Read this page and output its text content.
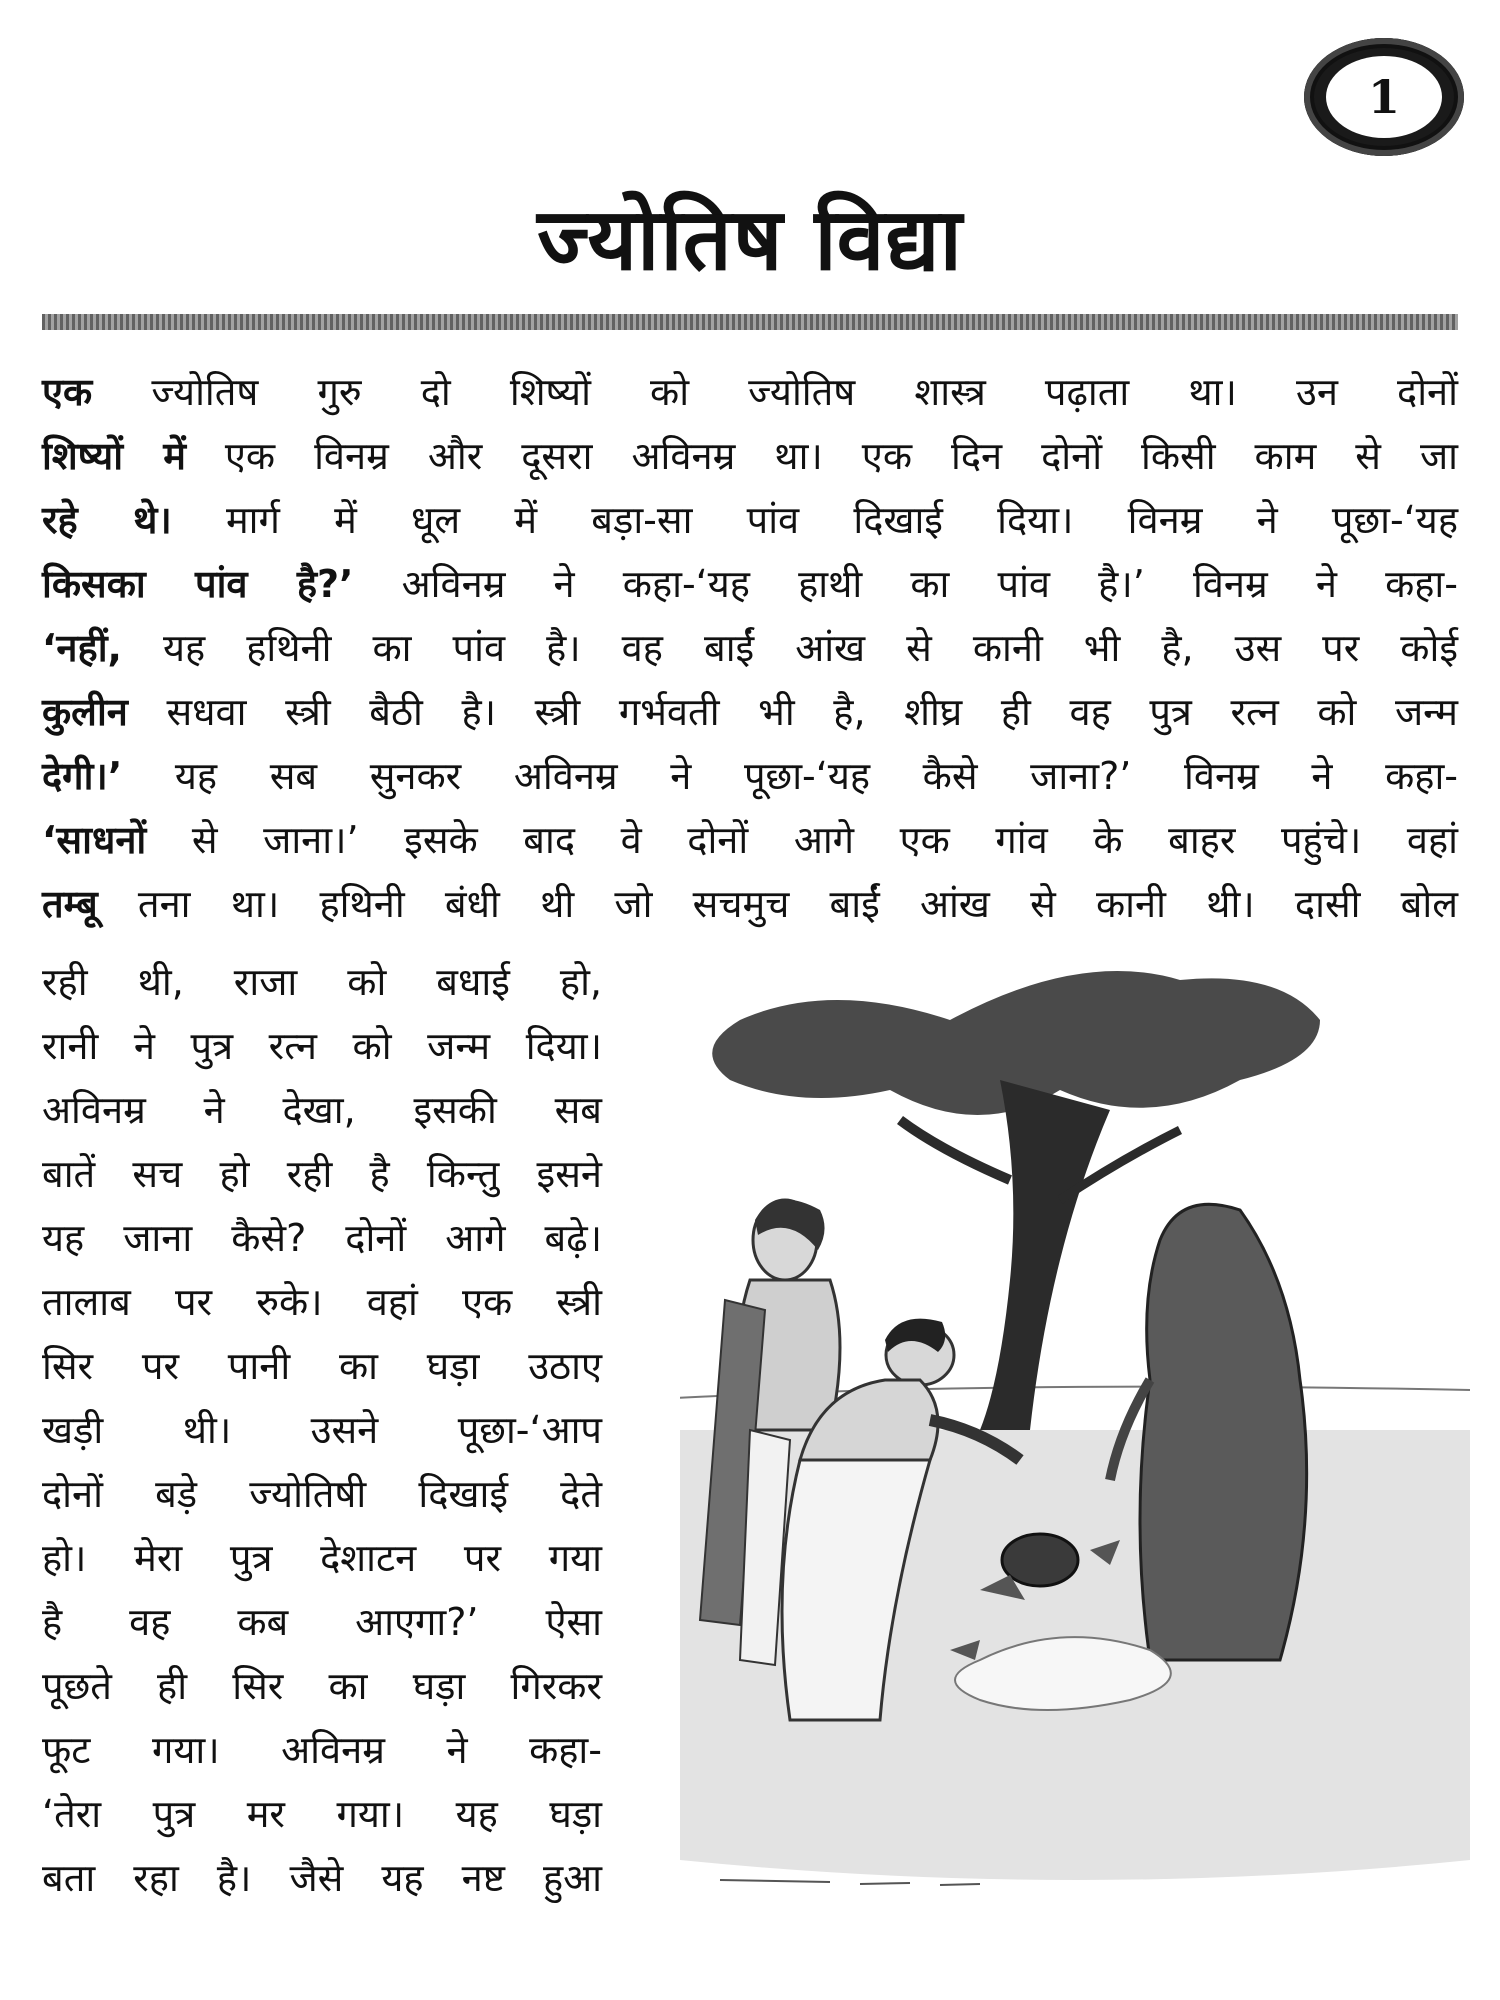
1
ज्योतिष विद्या
एक ज्योतिष गुरु दो शिष्यों को ज्योतिष शास्त्र पढ़ाता था। उन दोनों
शिष्यों में एक विनम्र और दूसरा अविनम्र था। एक दिन दोनों किसी काम से जा
रहे थे। मार्ग में धूल में बड़ा-सा पांव दिखाई दिया। विनम्र ने पूछा-‘यह
किसका पांव है?’ अविनम्र ने कहा-‘यह हाथी का पांव है।’ विनम्र ने कहा-
‘नहीं, यह हथिनी का पांव है। वह बाईं आंख से कानी भी है, उस पर कोई
कुलीन सधवा स्त्री बैठी है। स्त्री गर्भवती भी है, शीघ्र ही वह पुत्र रत्न को जन्म
देगी।’ यह सब सुनकर अविनम्र ने पूछा-‘यह कैसे जाना?’ विनम्र ने कहा-
‘साधनों से जाना।’ इसके बाद वे दोनों आगे एक गांव के बाहर पहुंचे। वहां
तम्बू तना था। हथिनी बंधी थी जो सचमुच बाईं आंख से कानी थी। दासी बोल
रही थी, राजा को बधाई हो,
रानी ने पुत्र रत्न को जन्म दिया।
अविनम्र ने देखा, इसकी सब
बातें सच हो रही है किन्तु इसने
यह जाना कैसे? दोनों आगे बढ़े।
तालाब पर रुके। वहां एक स्त्री
सिर पर पानी का घड़ा उठाए
खड़ी थी। उसने पूछा-‘आप
दोनों बड़े ज्योतिषी दिखाई देते
हो। मेरा पुत्र देशाटन पर गया
है वह कब आएगा?’ ऐसा
पूछते ही सिर का घड़ा गिरकर
फूट गया। अविनम्र ने कहा-
‘तेरा पुत्र मर गया। यह घड़ा
बता रहा है। जैसे यह नष्ट हुआ
